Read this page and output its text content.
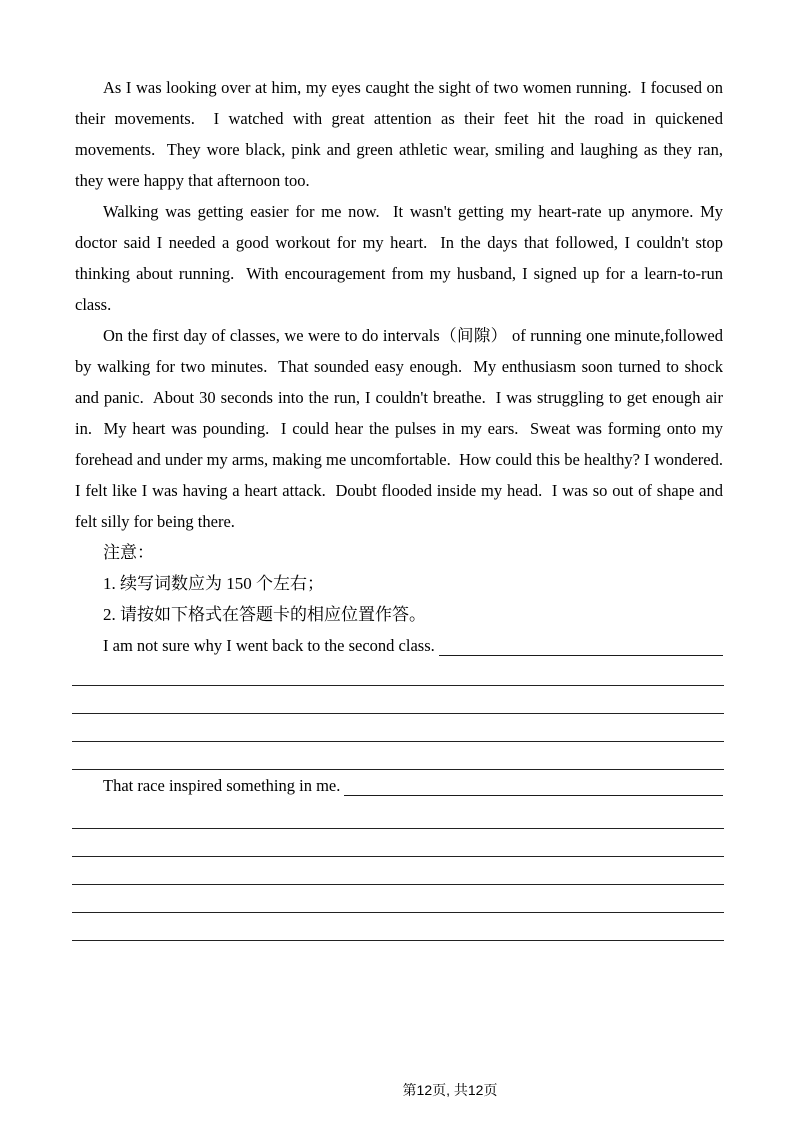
As I was looking over at him, my eyes caught the sight of two women running.  I focused on their movements.  I watched with great attention as their feet hit the road in quickened movements.  They wore black, pink and green athletic wear, smiling and laughing as they ran, they were happy that afternoon too.

Walking was getting easier for me now.  It wasn't getting my heart-rate up anymore. My doctor said I needed a good workout for my heart.  In the days that followed, I couldn't stop thinking about running.  With encouragement from my husband, I signed up for a learn-to-run class.

On the first day of classes, we were to do intervals（间隙） of running one minute,followed by walking for two minutes.  That sounded easy enough.  My enthusiasm soon turned to shock and panic.  About 30 seconds into the run, I couldn't breathe.  I was struggling to get enough air in.  My heart was pounding.  I could hear the pulses in my ears.  Sweat was forming onto my forehead and under my arms, making me uncomfortable.  How could this be healthy? I wondered.  I felt like I was having a heart attack.  Doubt flooded inside my head.  I was so out of shape and felt silly for being there.

注意：
1. 续写词数应为 150 个左右；
2. 请按如下格式在答题卡的相应位置作答。
I am not sure why I went back to the second class.
That race inspired something in me.
第12页, 共12页
